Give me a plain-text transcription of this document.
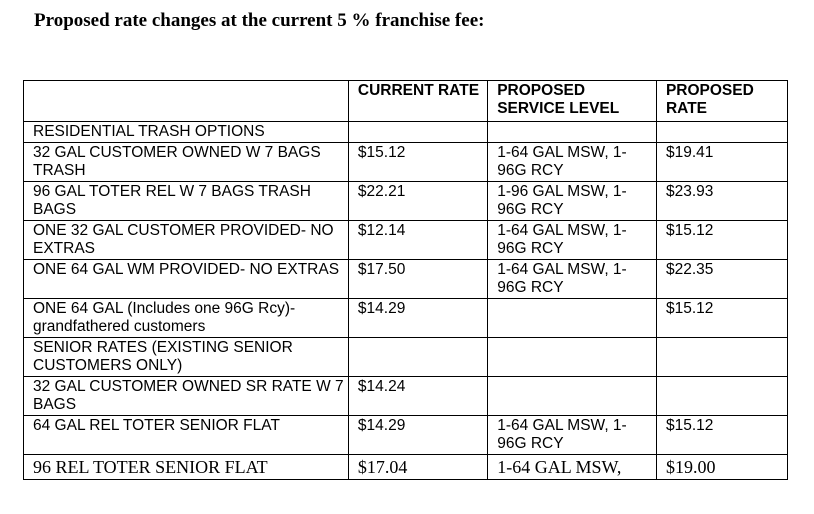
Proposed rate changes at the current 5 % franchise fee:
	CURRENT RATE	PROPOSED SERVICE LEVEL	PROPOSED RATE
RESIDENTIAL TRASH OPTIONS			
32 GAL CUSTOMER OWNED W 7 BAGS TRASH	$15.12	1-64 GAL MSW, 1-96G RCY	$19.41
96 GAL TOTER REL W 7 BAGS TRASH BAGS	$22.21	1-96 GAL MSW, 1-96G RCY	$23.93
ONE 32 GAL CUSTOMER PROVIDED- NO EXTRAS	$12.14	1-64 GAL MSW, 1-96G RCY	$15.12
ONE 64 GAL WM PROVIDED- NO EXTRAS	$17.50	1-64 GAL MSW, 1-96G RCY	$22.35
ONE 64 GAL (Includes one 96G Rcy)- grandfathered customers	$14.29		$15.12
SENIOR RATES (EXISTING SENIOR CUSTOMERS ONLY)			
32 GAL CUSTOMER OWNED SR RATE W 7 BAGS	$14.24		
64 GAL REL TOTER SENIOR FLAT	$14.29	1-64 GAL MSW, 1-96G RCY	$15.12
96 REL TOTER SENIOR FLAT	$17.04	1-64 GAL MSW,	$19.00
